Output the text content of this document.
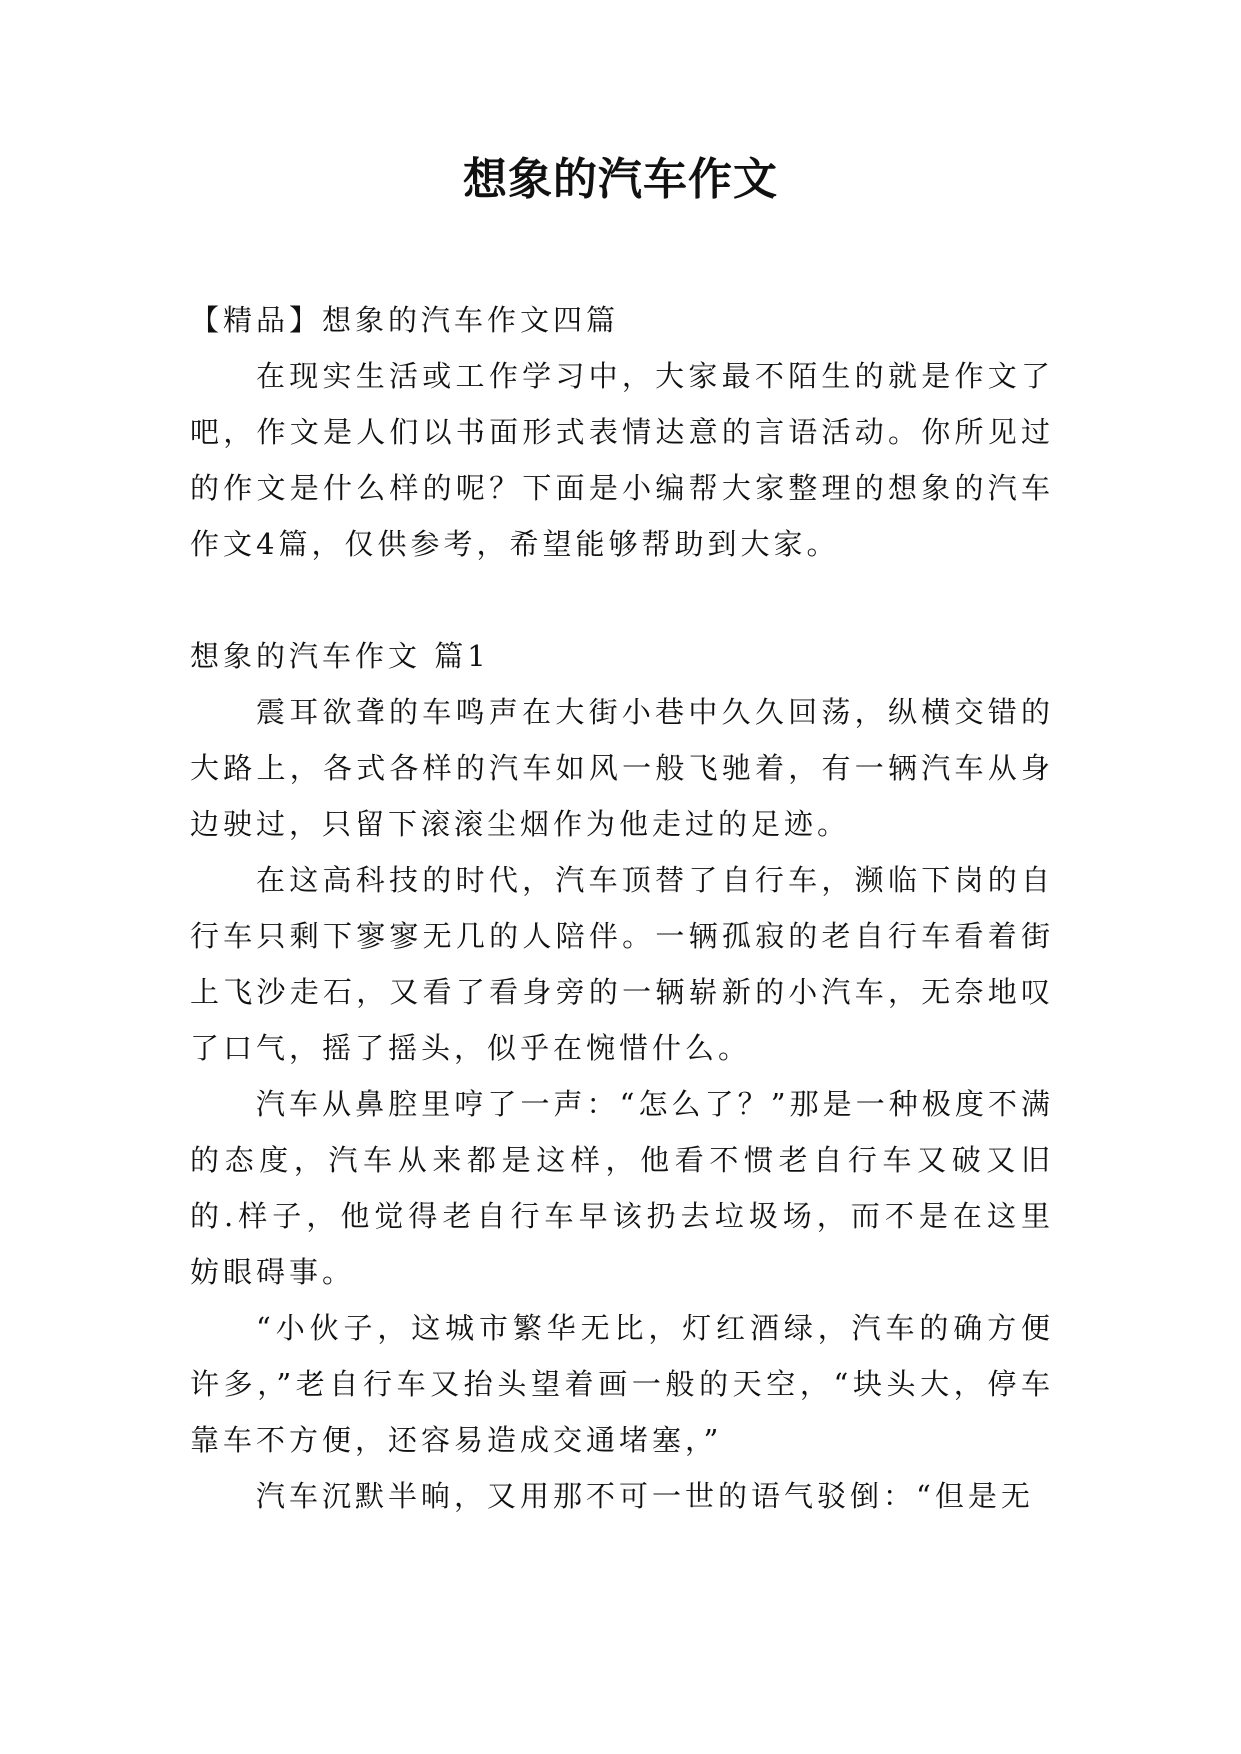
想象的汽车作文

【精品】想象的汽车作文四篇

在现实生活或工作学习中，大家最不陌生的就是作文了吧，作文是人们以书面形式表情达意的言语活动。你所见过的作文是什么样的呢？下面是小编帮大家整理的想象的汽车作文4篇，仅供参考，希望能够帮助到大家。

想象的汽车作文 篇1

震耳欲聋的车鸣声在大街小巷中久久回荡，纵横交错的大路上，各式各样的汽车如风一般飞驰着，有一辆汽车从身边驶过，只留下滚滚尘烟作为他走过的足迹。

在这高科技的时代，汽车顶替了自行车，濒临下岗的自行车只剩下寥寥无几的人陪伴。一辆孤寂的老自行车看着街上飞沙走石，又看了看身旁的一辆崭新的小汽车，无奈地叹了口气，摇了摇头，似乎在惋惜什么。

汽车从鼻腔里哼了一声：“怎么了？”那是一种极度不满的态度，汽车从来都是这样，他看不惯老自行车又破又旧的.样子，他觉得老自行车早该扔去垃圾场，而不是在这里妨眼碍事。

“小伙子，这城市繁华无比，灯红酒绿，汽车的确方便许多，”老自行车又抬头望着画一般的天空，“块头大，停车靠车不方便，还容易造成交通堵塞，”

汽车沉默半晌，又用那不可一世的语气驳倒：“但是无
